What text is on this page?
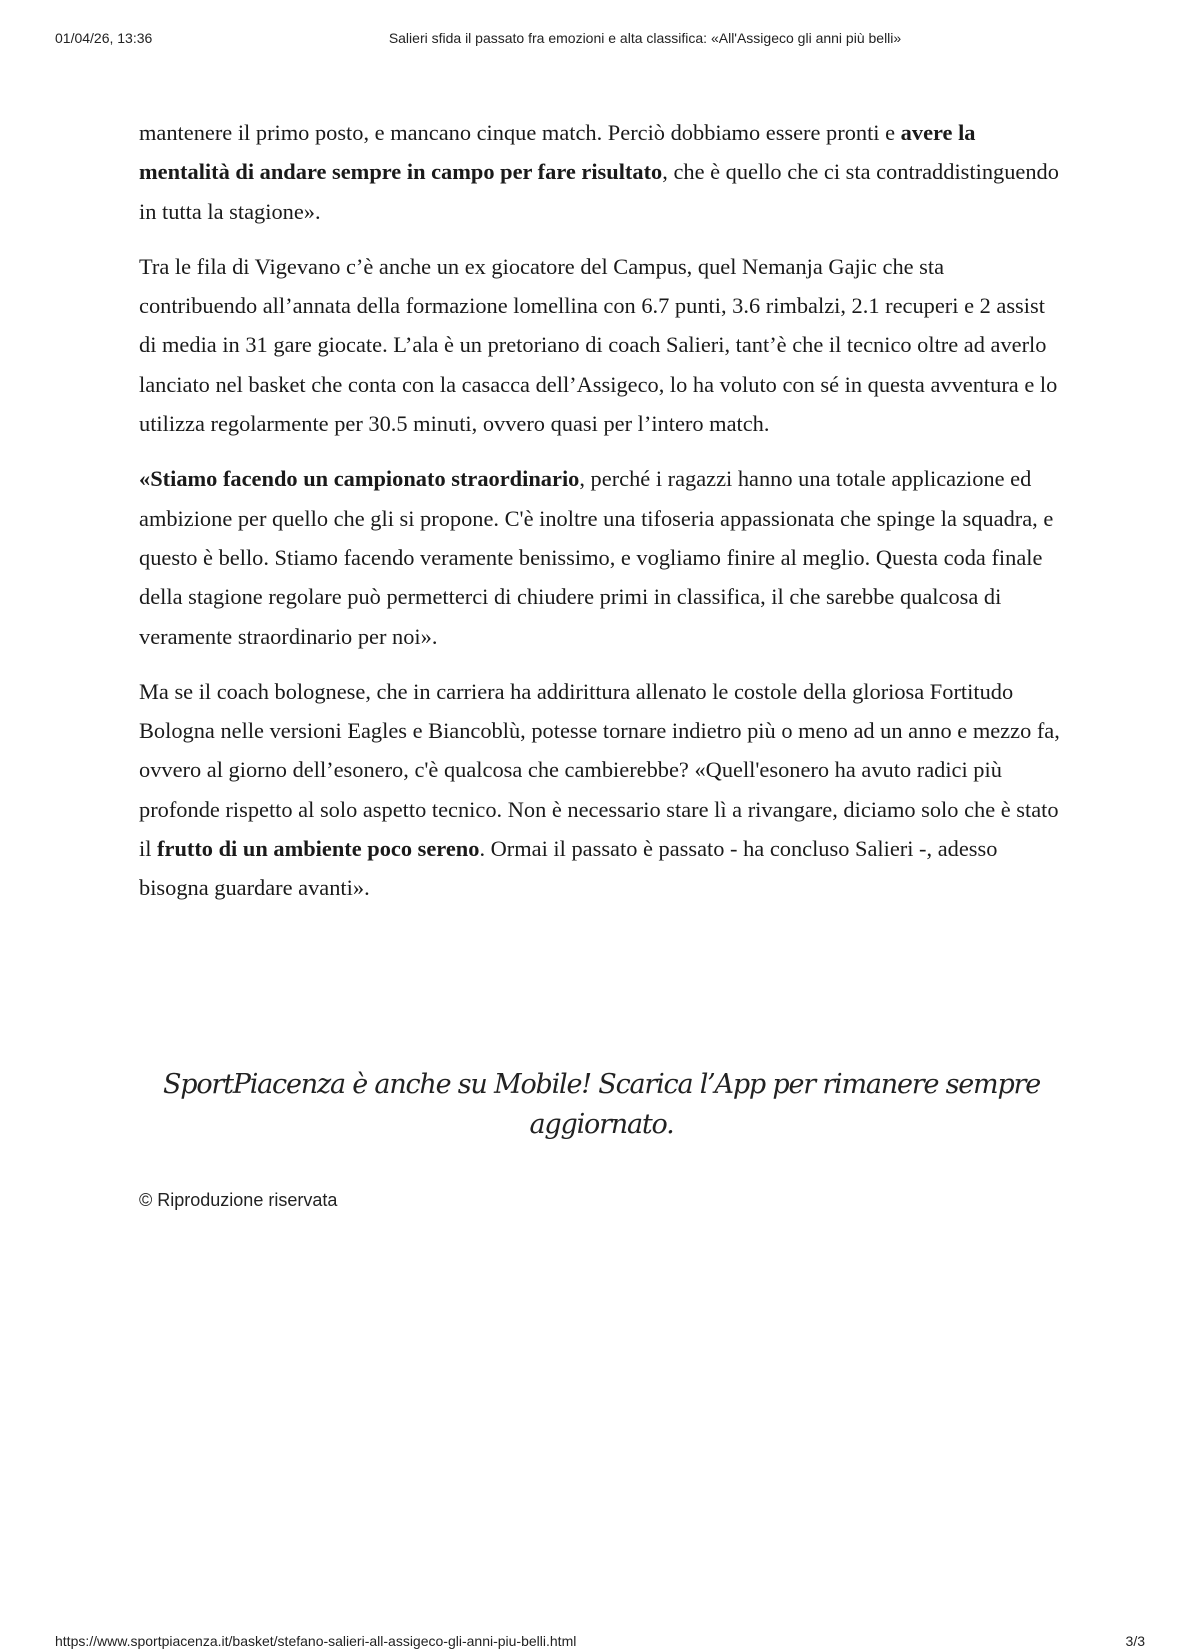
01/04/26, 13:36	Salieri sfida il passato fra emozioni e alta classifica: «All'Assigeco gli anni più belli»

mantenere il primo posto, e mancano cinque match. Perciò dobbiamo essere pronti e avere la mentalità di andare sempre in campo per fare risultato, che è quello che ci sta contraddistinguendo in tutta la stagione».

Tra le fila di Vigevano c’è anche un ex giocatore del Campus, quel Nemanja Gajic che sta contribuendo all’annata della formazione lomellina con 6.7 punti, 3.6 rimbalzi, 2.1 recuperi e 2 assist di media in 31 gare giocate. L’ala è un pretoriano di coach Salieri, tant’è che il tecnico oltre ad averlo lanciato nel basket che conta con la casacca dell’Assigeco, lo ha voluto con sé in questa avventura e lo utilizza regolarmente per 30.5 minuti, ovvero quasi per l’intero match.

«Stiamo facendo un campionato straordinario, perché i ragazzi hanno una totale applicazione ed ambizione per quello che gli si propone. C'è inoltre una tifoseria appassionata che spinge la squadra, e questo è bello. Stiamo facendo veramente benissimo, e vogliamo finire al meglio. Questa coda finale della stagione regolare può permetterci di chiudere primi in classifica, il che sarebbe qualcosa di veramente straordinario per noi».

Ma se il coach bolognese, che in carriera ha addirittura allenato le costole della gloriosa Fortitudo Bologna nelle versioni Eagles e Biancoblù, potesse tornare indietro più o meno ad un anno e mezzo fa, ovvero al giorno dell’esonero, c'è qualcosa che cambierebbe? «Quell'esonero ha avuto radici più profonde rispetto al solo aspetto tecnico. Non è necessario stare lì a rivangare, diciamo solo che è stato il frutto di un ambiente poco sereno. Ormai il passato è passato - ha concluso Salieri -, adesso bisogna guardare avanti».

SportPiacenza è anche su Mobile! Scarica l’App per rimanere sempre aggiornato.
© Riproduzione riservata
https://www.sportpiacenza.it/basket/stefano-salieri-all-assigeco-gli-anni-piu-belli.html	3/3
